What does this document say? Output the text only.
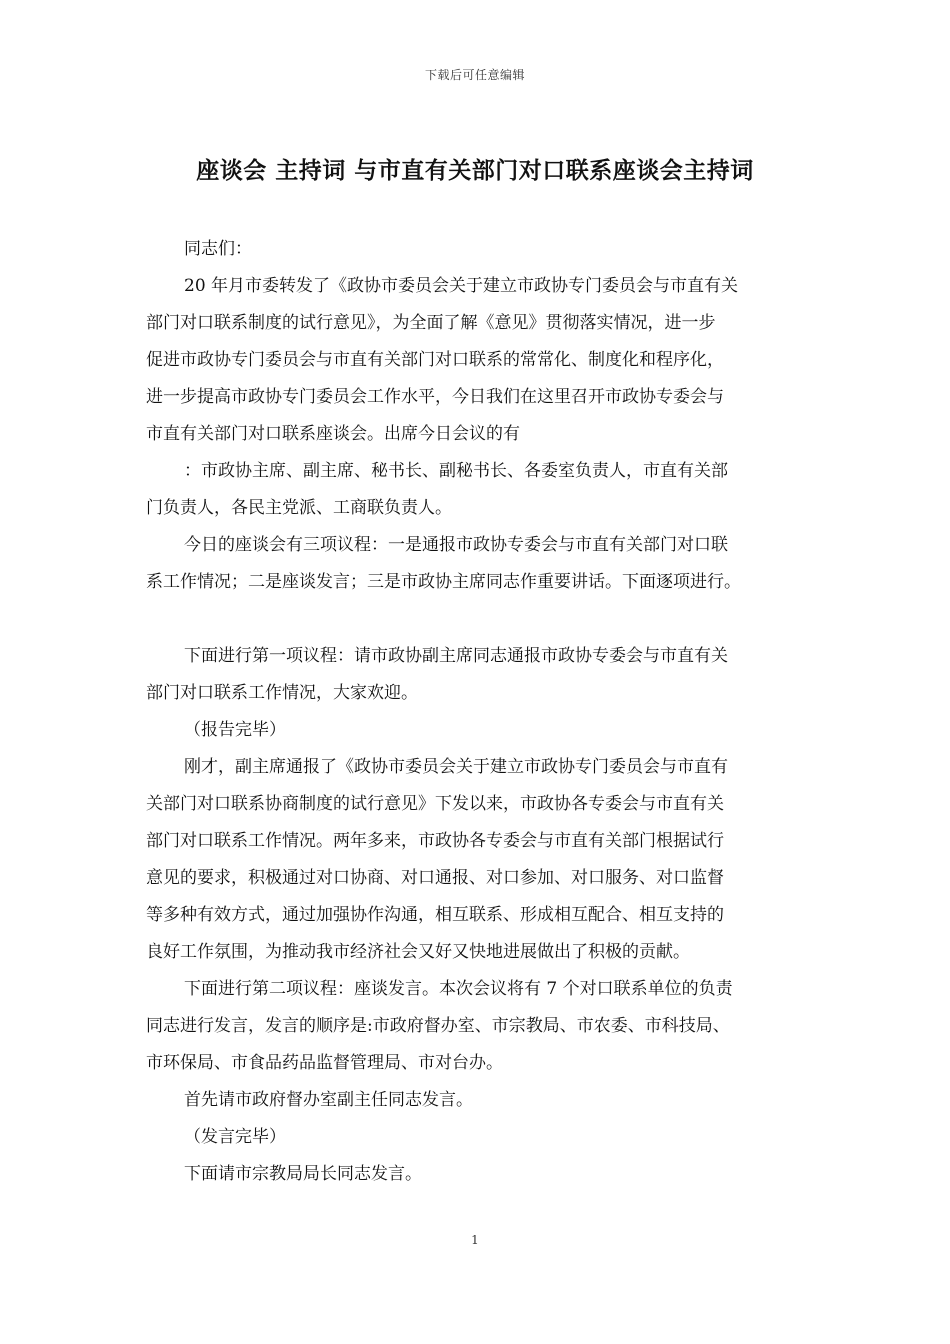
下载后可任意编辑
座谈会 主持词 与市直有关部门对口联系座谈会主持词
同志们：
20 年月市委转发了《政协市委员会关于建立市政协专门委员会与市直有关
部门对口联系制度的试行意见》，为全面了解《意见》贯彻落实情况，进一步
促进市政协专门委员会与市直有关部门对口联系的常常化、制度化和程序化，
进一步提高市政协专门委员会工作水平，今日我们在这里召开市政协专委会与
市直有关部门对口联系座谈会。出席今日会议的有
：市政协主席、副主席、秘书长、副秘书长、各委室负责人，市直有关部
门负责人，各民主党派、工商联负责人。
今日的座谈会有三项议程：一是通报市政协专委会与市直有关部门对口联
系工作情况；二是座谈发言；三是市政协主席同志作重要讲话。下面逐项进行。
下面进行第一项议程：请市政协副主席同志通报市政协专委会与市直有关
部门对口联系工作情况，大家欢迎。
（报告完毕）
刚才，副主席通报了《政协市委员会关于建立市政协专门委员会与市直有
关部门对口联系协商制度的试行意见》下发以来，市政协各专委会与市直有关
部门对口联系工作情况。两年多来，市政协各专委会与市直有关部门根据试行
意见的要求，积极通过对口协商、对口通报、对口参加、对口服务、对口监督
等多种有效方式，通过加强协作沟通，相互联系、形成相互配合、相互支持的
良好工作氛围，为推动我市经济社会又好又快地进展做出了积极的贡献。
下面进行第二项议程：座谈发言。本次会议将有 7 个对口联系单位的负责
同志进行发言，发言的顺序是:市政府督办室、市宗教局、市农委、市科技局、
市环保局、市食品药品监督管理局、市对台办。
首先请市政府督办室副主任同志发言。
（发言完毕）
下面请市宗教局局长同志发言。
1
